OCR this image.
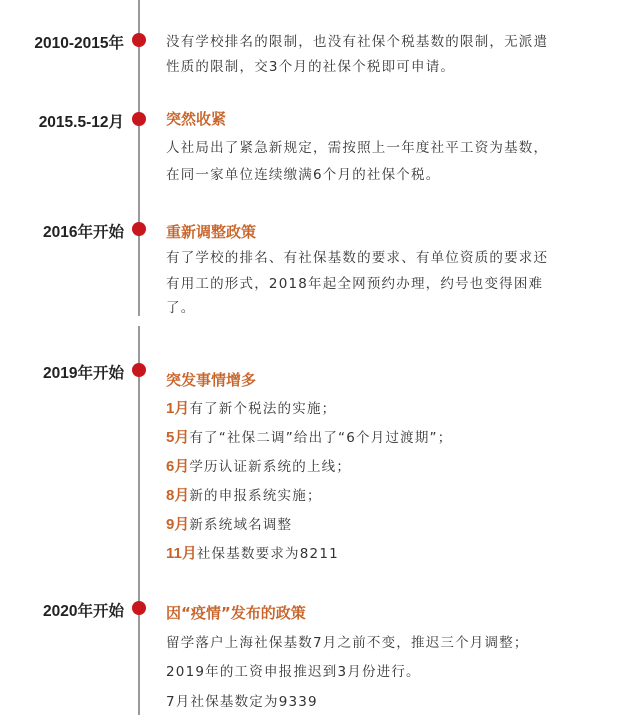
2010-2015年	没有学校排名的限制，也没有社保个税基数的限制，无派遣
性质的限制，交3个月的社保个税即可申请。
2015.5-12月	突然收紧
人社局出了紧急新规定，需按照上一年度社平工资为基数，
在同一家单位连续缴满6个月的社保个税。
2016年开始	重新调整政策
有了学校的排名、有社保基数的要求、有单位资质的要求还
有用工的形式，2018年起全网预约办理，约号也变得困难
了。
2019年开始	突发事情增多
1月有了新个税法的实施；
5月有了“社保二调”给出了“6个月过渡期”；
6月学历认证新系统的上线；
8月新的申报系统实施；
9月新系统域名调整
11月社保基数要求为8211
2020年开始	因“疫情”发布的政策
留学落户上海社保基数7月之前不变，推迟三个月调整；
2019年的工资申报推迟到3月份进行。
7月社保基数定为9339
